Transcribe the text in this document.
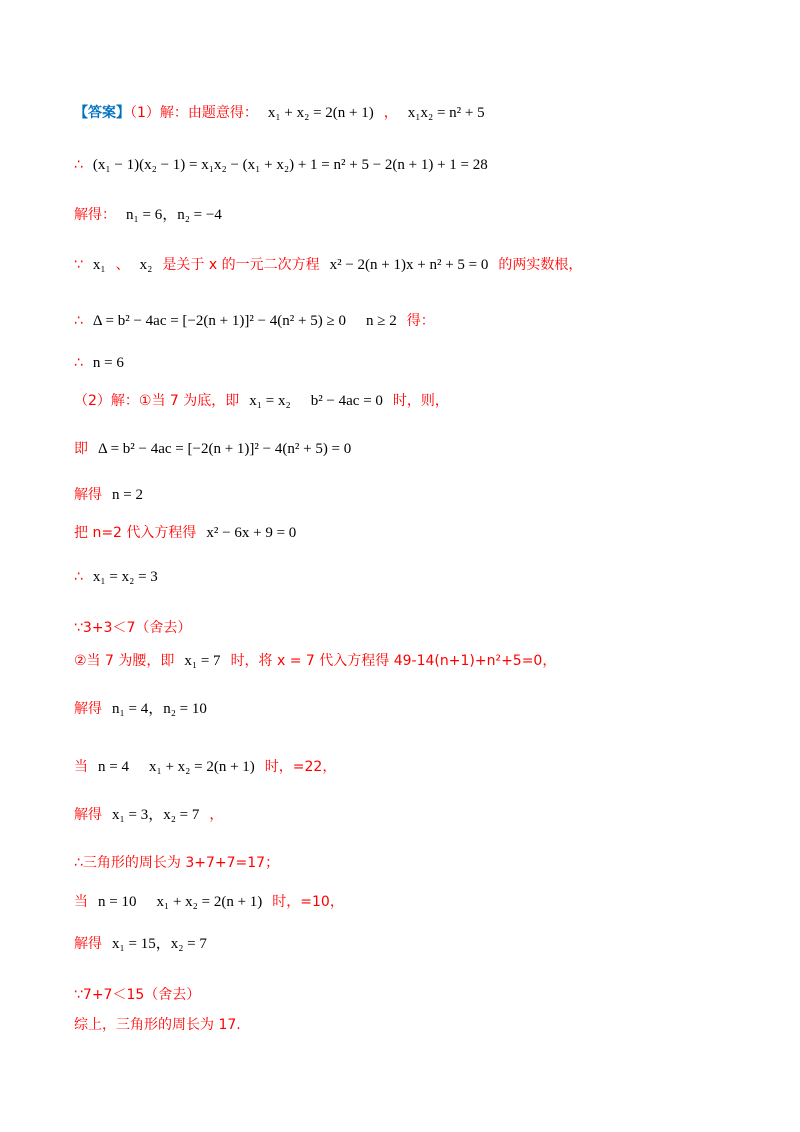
【答案】（1）解：由题意得： x₁ + x₂ = 2(n + 1) ， x₁x₂ = n² + 5
∴ (x₁ − 1)(x₂ − 1) = x₁x₂ − (x₁ + x₂) + 1 = n² + 5 − 2(n + 1) + 1 = 28
解得： n₁ = 6，n₂ = −4
∵ x₁ 、 x₂ 是关于 x 的一元二次方程 x² − 2(n + 1)x + n² + 5 = 0 的两实数根，
∴ Δ = b² − 4ac = [−2(n + 1)]² − 4(n² + 5) ≥ 0 n ≥ 2 得：
∴ n = 6
（2）解：①当 7 为底，即 x₁ = x₂ b² − 4ac = 0 时，则，
即 Δ = b² − 4ac = [−2(n + 1)]² − 4(n² + 5) = 0
解得 n = 2
把 n=2 代入方程得 x² − 6x + 9 = 0
∴ x₁ = x₂ = 3
∵3+3＜7（舍去）
②当 7 为腰，即 x₁ = 7 时，将 x = 7 代入方程得 49-14(n+1)+n²+5=0，
解得 n₁ = 4，n₂ = 10
当 n = 4 x₁ + x₂ = 2(n + 1) 时，=22，
解得 x₁ = 3，x₂ = 7 ，
∴三角形的周长为 3+7+7=17；
当 n = 10 x₁ + x₂ = 2(n + 1) 时，=10，
解得 x₁ = 15，x₂ = 7
∵7+7＜15（舍去）
综上，三角形的周长为 17.
